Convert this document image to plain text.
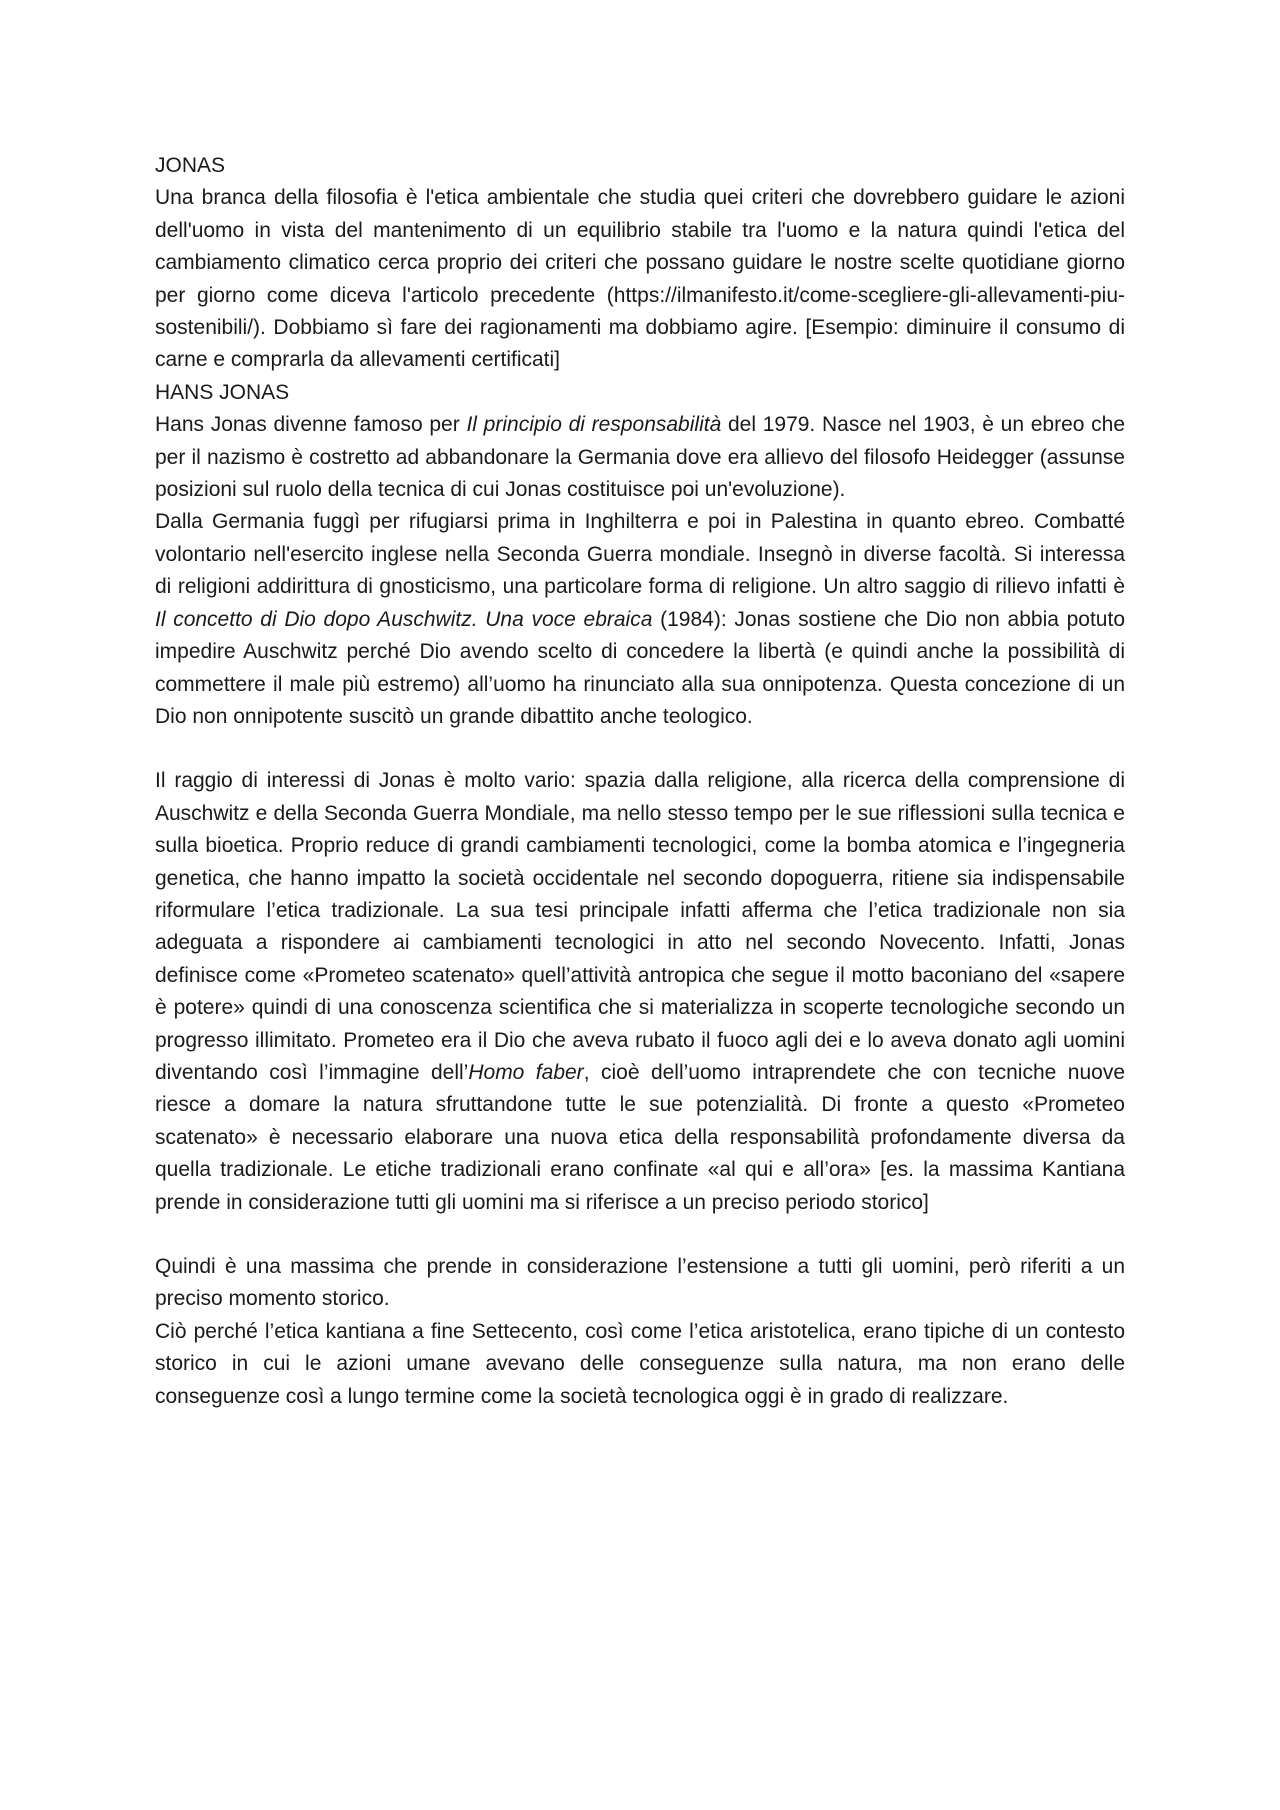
JONAS

Una branca della filosofia è l'etica ambientale che studia quei criteri che dovrebbero guidare le azioni dell'uomo in vista del mantenimento di un equilibrio stabile tra l'uomo e la natura quindi l'etica del cambiamento climatico cerca proprio dei criteri che possano guidare le nostre scelte quotidiane giorno per giorno come diceva l'articolo precedente (https://ilmanifesto.it/come-scegliere-gli-allevamenti-piu-sostenibili/). Dobbiamo sì fare dei ragionamenti ma dobbiamo agire. [Esempio: diminuire il consumo di carne e comprarla da allevamenti certificati]

HANS JONAS

Hans Jonas divenne famoso per Il principio di responsabilità del 1979. Nasce nel 1903, è un ebreo che per il nazismo è costretto ad abbandonare la Germania dove era allievo del filosofo Heidegger (assunse posizioni sul ruolo della tecnica di cui Jonas costituisce poi un'evoluzione).

Dalla Germania fuggì per rifugiarsi prima in Inghilterra e poi in Palestina in quanto ebreo. Combatté volontario nell'esercito inglese nella Seconda Guerra mondiale. Insegnò in diverse facoltà. Si interessa di religioni addirittura di gnosticismo, una particolare forma di religione. Un altro saggio di rilievo infatti è Il concetto di Dio dopo Auschwitz. Una voce ebraica (1984): Jonas sostiene che Dio non abbia potuto impedire Auschwitz perché Dio avendo scelto di concedere la libertà (e quindi anche la possibilità di commettere il male più estremo) all’uomo ha rinunciato alla sua onnipotenza. Questa concezione di un Dio non onnipotente suscitò un grande dibattito anche teologico.

Il raggio di interessi di Jonas è molto vario: spazia dalla religione, alla ricerca della comprensione di Auschwitz e della Seconda Guerra Mondiale, ma nello stesso tempo per le sue riflessioni sulla tecnica e sulla bioetica. Proprio reduce di grandi cambiamenti tecnologici, come la bomba atomica e l’ingegneria genetica, che hanno impatto la società occidentale nel secondo dopoguerra, ritiene sia indispensabile riformulare l’etica tradizionale. La sua tesi principale infatti afferma che l’etica tradizionale non sia adeguata a rispondere ai cambiamenti tecnologici in atto nel secondo Novecento. Infatti, Jonas definisce come «Prometeo scatenato» quell’attività antropica che segue il motto baconiano del «sapere è potere» quindi di una conoscenza scientifica che si materializza in scoperte tecnologiche secondo un progresso illimitato. Prometeo era il Dio che aveva rubato il fuoco agli dei e lo aveva donato agli uomini diventando così l’immagine dell’Homo faber, cioè dell’uomo intraprendete che con tecniche nuove riesce a domare la natura sfruttandone tutte le sue potenzialità. Di fronte a questo «Prometeo scatenato» è necessario elaborare una nuova etica della responsabilità profondamente diversa da quella tradizionale. Le etiche tradizionali erano confinate «al qui e all’ora» [es. la massima Kantiana prende in considerazione tutti gli uomini ma si riferisce a un preciso periodo storico]

Quindi è una massima che prende in considerazione l’estensione a tutti gli uomini, però riferiti a un preciso momento storico.

Ciò perché l’etica kantiana a fine Settecento, così come l’etica aristotelica, erano tipiche di un contesto storico in cui le azioni umane avevano delle conseguenze sulla natura, ma non erano delle conseguenze così a lungo termine come la società tecnologica oggi è in grado di realizzare.
